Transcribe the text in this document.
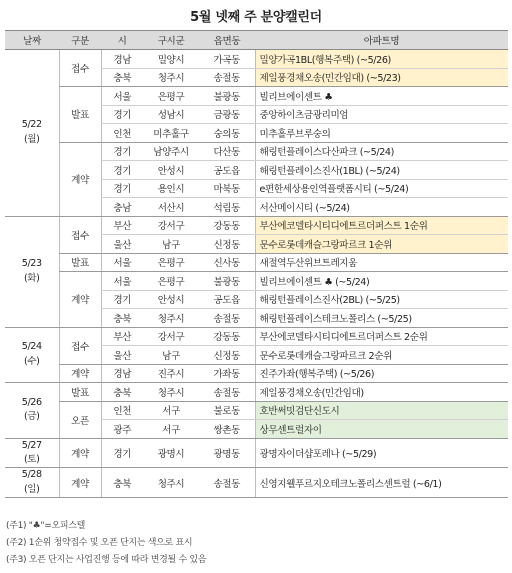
5월 넷째 주 분양캘린더
날짜	구분	시	구시군	읍면동	아파트명

5/22
(월)	접수	경남	밀양시	가곡동	밀양가곡1BL(행복주택) (~5/26)
		충북	청주시	송절동	제일풍경채오송(민간임대) (~5/23)
	발표	서울	은평구	불광동	빌리브에이센트 ♣
		경기	성남시	금광동	중앙하이츠금광리미엄
		인천	미추홀구	숭의동	미추홀루브루숭의
	계약	경기	남양주시	다산동	해링턴플레이스다산파크 (~5/24)
		경기	안성시	공도읍	해링턴플레이스진사(1BL) (~5/24)
		경기	용인시	마북동	e편한세상용인역플랫폼시티 (~5/24)
		충남	서산시	석림동	서산메이시티 (~5/24)

5/23
(화)	접수	부산	강서구	강동동	부산에코델타시티디에트르더퍼스트 1순위
		울산	남구	신정동	문수로롯데캐슬그랑파르크 1순위
	발표	서울	은평구	신사동	새절역두산위브트레지움
	계약	서울	은평구	불광동	빌리브에이센트 ♣ (~5/24)
		경기	안성시	공도읍	해링턴플레이스진사(2BL) (~5/25)
		충북	청주시	송절동	해링턴플레이스테크노폴리스 (~5/25)

5/24
(수)	접수	부산	강서구	강동동	부산에코델타시티디에트르더퍼스트 2순위
		울산	남구	신정동	문수로롯데캐슬그랑파르크 2순위
	계약	경남	진주시	가좌동	진주가좌(행복주택) (~5/26)

5/26
(금)	발표	충북	청주시	송절동	제일풍경채오송(민간임대)
	오픈	인천	서구	불로동	호반써밋검단신도시
		광주	서구	쌍촌동	상무센트럴자이

5/27
(토)	계약	경기	광명시	광명동	광명자이더샵포레나 (~5/29)

5/28
(일)	계약	충북	청주시	송절동	신영지웰푸르지오테크노폴리스센트럴 (~6/1)
(주1) "♣"=오피스텔
(주2) 1순위 청약접수 및 오픈 단지는 색으로 표시
(주3) 오픈 단지는 사업진행 등에 따라 변경될 수 있음
